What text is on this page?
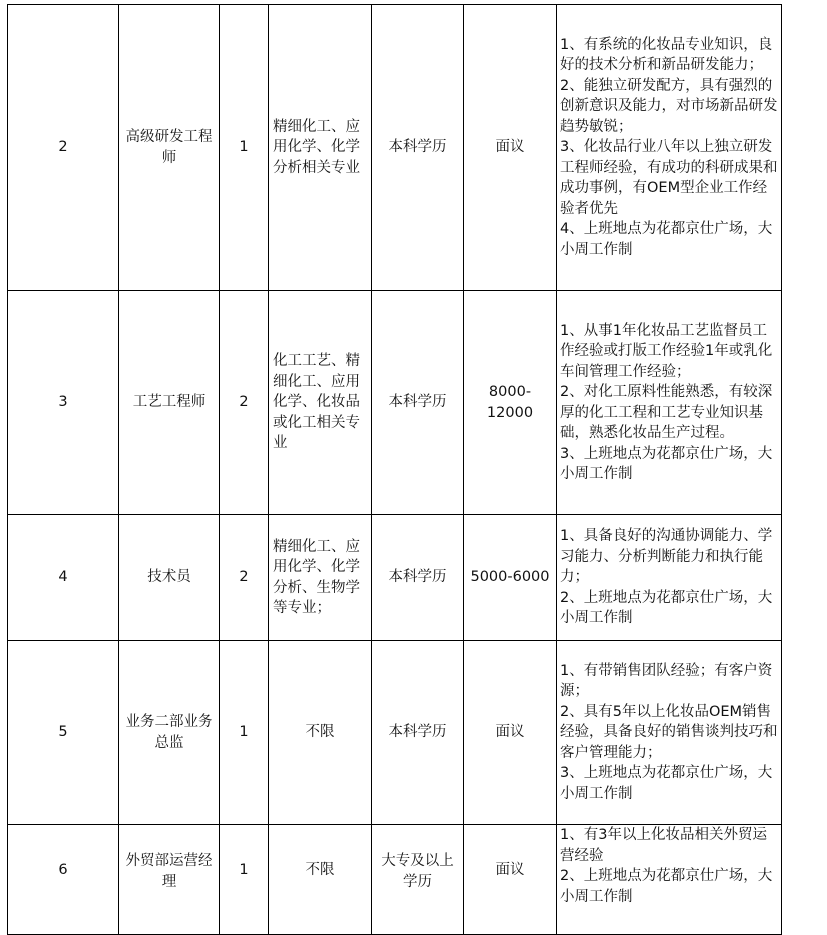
2	高级研发工程师	1	精细化工、应用化学、化学分析相关专业	本科学历	面议	1、有系统的化妆品专业知识，良好的技术分析和新品研发能力；
2、能独立研发配方，具有强烈的创新意识及能力，对市场新品研发趋势敏锐；
3、化妆品行业八年以上独立研发工程师经验，有成功的科研成果和成功事例，有OEM型企业工作经验者优先
4、上班地点为花都京仕广场，大小周工作制

3	工艺工程师	2	化工工艺、精细化工、应用化学、化妆品或化工相关专业	本科学历	8000-12000	1、从事1年化妆品工艺监督员工作经验或打版工作经验1年或乳化车间管理工作经验；
2、对化工原料性能熟悉，有较深厚的化工工程和工艺专业知识基础，熟悉化妆品生产过程。
3、上班地点为花都京仕广场，大小周工作制

4	技术员	2	精细化工、应用化学、化学分析、生物学等专业；	本科学历	5000-6000	1、具备良好的沟通协调能力、学习能力、分析判断能力和执行能力；
2、上班地点为花都京仕广场，大小周工作制

5	业务二部业务总监	1	不限	本科学历	面议	1、有带销售团队经验；有客户资源；
2、具有5年以上化妆品OEM销售经验，具备良好的销售谈判技巧和客户管理能力；
3、上班地点为花都京仕广场，大小周工作制

6	外贸部运营经理	1	不限	大专及以上学历	面议	1、有3年以上化妆品相关外贸运营经验
2、上班地点为花都京仕广场，大小周工作制
